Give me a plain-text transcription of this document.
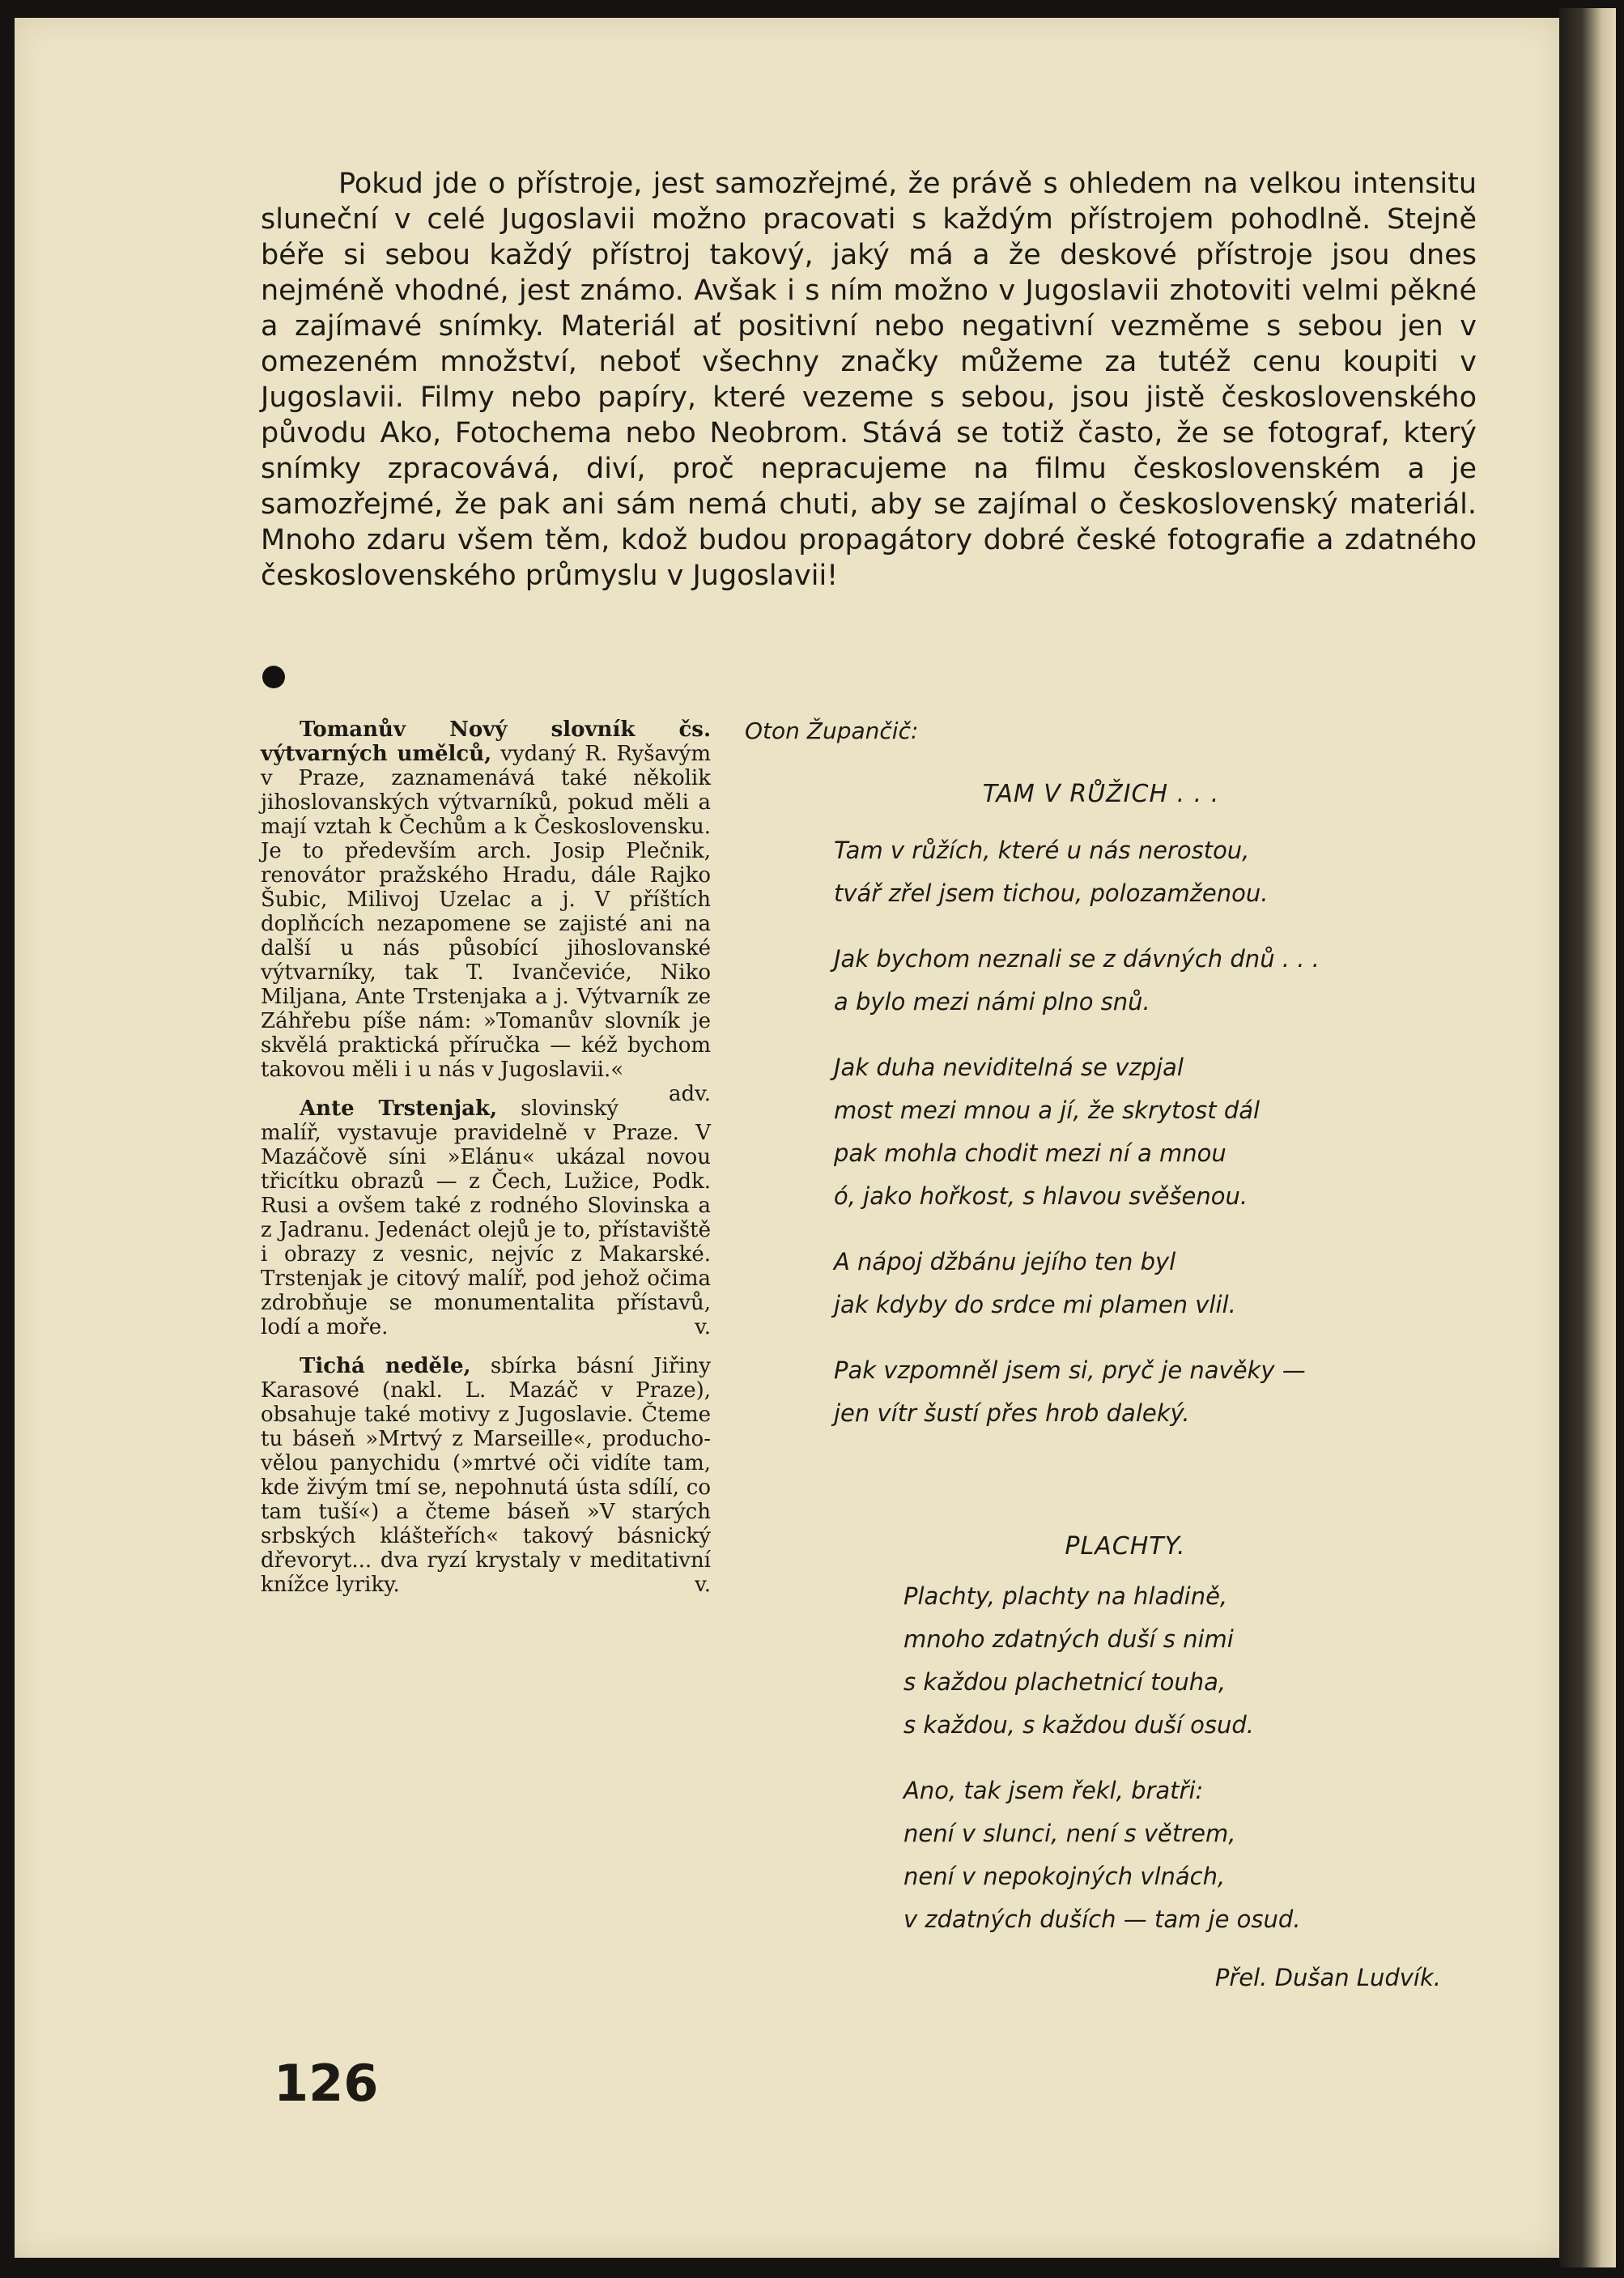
Pokud jde o přístroje, jest samozřejmé, že právě s ohledem na velkou intensitu sluneční v celé Jugoslavii možno pracovati s každým přístrojem pohodlně. Stejně béře si sebou každý přístroj takový, jaký má a že deskové přístroje jsou dnes nejméně vhodné, jest známo. Avšak i s ním možno v Jugoslavii zhotoviti velmi pěkné a zajímavé snímky. Materiál ať positivní nebo negativní vezměme s sebou jen v omezeném množství, neboť všechny značky můžeme za tutéž cenu koupiti v Jugoslavii. Filmy nebo papíry, které vezeme s sebou, jsou jistě československého původu Ako, Fotochema nebo Neobrom. Stává se totiž často, že se fotograf, který snímky zpracovává, diví, proč nepracujeme na filmu československém a je samozřejmé, že pak ani sám nemá chuti, aby se zajímal o československý materiál. Mnoho zdaru všem těm, kdož budou propagátory dobré české fotografie a zdatného československého průmyslu v Jugoslavii!

Tomanův Nový slovník čs. výtvarných umělců, vydaný R. Ryšavým v Praze, zaznamenává také několik jihoslovanských výtvarníků, pokud měli a mají vztah k Čechům a k Československu. Je to především arch. Josip Plečnik, renovátor pražského Hradu, dále Rajko Šubic, Milivoj Uzelac a j. V příštích doplňcích nezapomene se zajisté ani na další u nás působící jihoslovanské výtvarníky, tak T. Ivančeviće, Niko Miljana, Ante Trstenjaka a j. Výtvarník ze Záhřebu píše nám: »Tomanův slovník je skvělá praktická příručka — kéž bychom takovou měli i u nás v Jugoslavii.«
adv.

Ante Trstenjak, slovinský malíř, vystavuje pravidelně v Praze. V Mazáčově síni »Elánu« ukázal novou třicítku obrazů — z Čech, Lužice, Podk. Rusi a ovšem také z rodného Slovinska a z Jadranu. Jedenáct olejů je to, přístaviště i obrazy z vesnic, nejvíc z Makarské. Trstenjak je citový malíř, pod jehož očima zdrobňuje se monumentalita přístavů, lodí a moře.	v.

Tichá neděle, sbírka básní Jiřiny Karasové (nakl. L. Mazáč v Praze), obsahuje také motivy z Jugoslavie. Čteme tu báseň »Mrtvý z Marseille«, producho-vělou panychidu (»mrtvé oči vidíte tam, kde živým tmí se, nepohnutá ústa sdílí, co tam tuší«) a čteme báseň »V starých srbských klášteřích« takový básnický dřevoryt... dva ryzí krystaly v meditativní knížce lyriky.	v.

Oton Župančič:
TAM V RŮŽICH . . .
Tam v růžích, které u nás nerostou,
tvář zřel jsem tichou, polozamženou.
Jak bychom neznali se z dávných dnů . . .
a bylo mezi námi plno snů.
Jak duha neviditelná se vzpjal
most mezi mnou a jí, že skrytost dál
pak mohla chodit mezi ní a mnou
ó, jako hořkost, s hlavou svěšenou.
A nápoj džbánu jejího ten byl
jak kdyby do srdce mi plamen vlil.
Pak vzpomněl jsem si, pryč je navěky —
jen vítr šustí přes hrob daleký.
PLACHTY.
Plachty, plachty na hladině,
mnoho zdatných duší s nimi
s každou plachetnicí touha,
s každou, s každou duší osud.
Ano, tak jsem řekl, bratři:
není v slunci, není s větrem,
není v nepokojných vlnách,
v zdatných duších — tam je osud.
Přel. Dušan Ludvík.
126
